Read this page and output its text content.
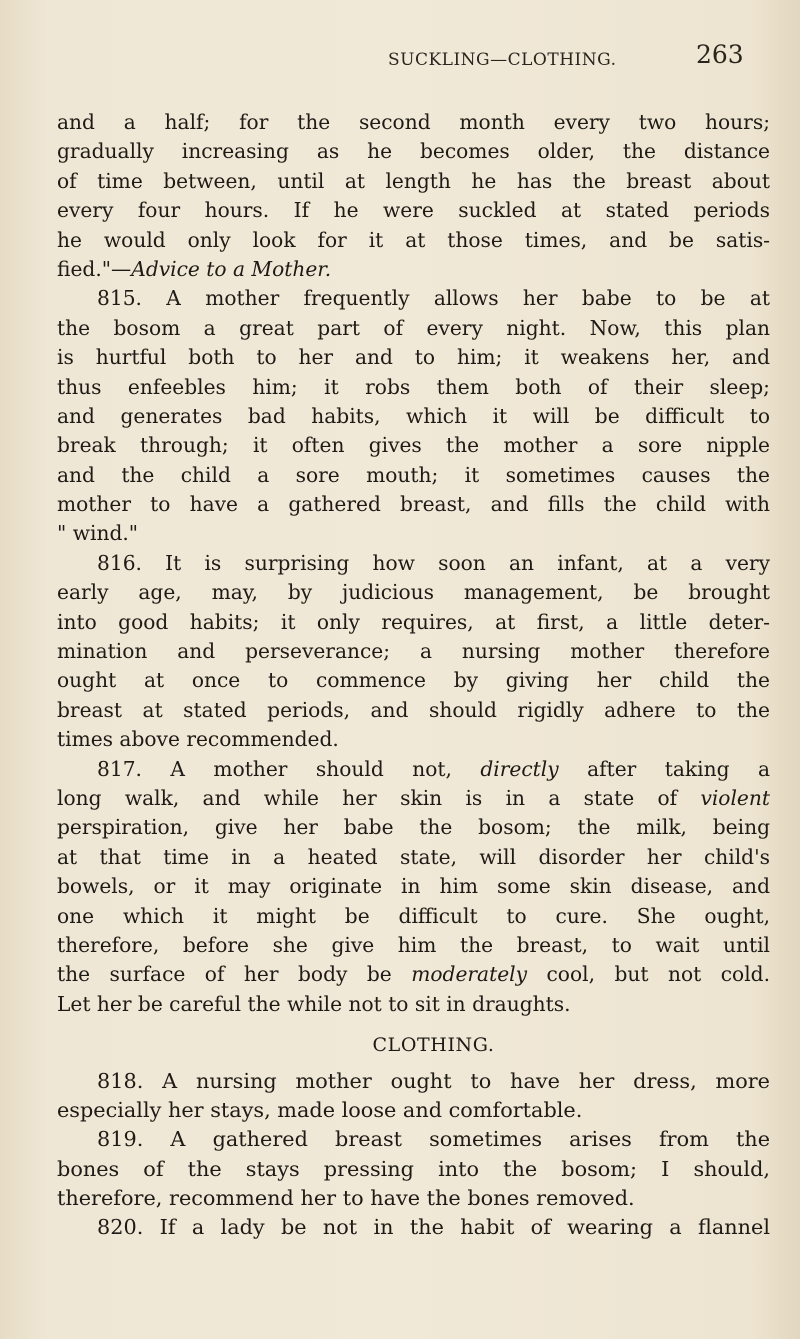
SUCKLING—CLOTHING.	263
and a half; for the second month every two hours;
gradually increasing as he becomes older, the distance
of time between, until at length he has the breast about
every four hours. If he were suckled at stated periods
he would only look for it at those times, and be satis-
fied."—Advice to a Mother.
815. A mother frequently allows her babe to be at
the bosom a great part of every night. Now, this plan
is hurtful both to her and to him; it weakens her, and
thus enfeebles him; it robs them both of their sleep;
and generates bad habits, which it will be difficult to
break through; it often gives the mother a sore nipple
and the child a sore mouth; it sometimes causes the
mother to have a gathered breast, and fills the child with
" wind."
816. It is surprising how soon an infant, at a very
early age, may, by judicious management, be brought
into good habits; it only requires, at first, a little deter-
mination and perseverance; a nursing mother therefore
ought at once to commence by giving her child the
breast at stated periods, and should rigidly adhere to the
times above recommended.
817. A mother should not, directly after taking a
long walk, and while her skin is in a state of violent
perspiration, give her babe the bosom; the milk, being
at that time in a heated state, will disorder her child's
bowels, or it may originate in him some skin disease, and
one which it might be difficult to cure. She ought,
therefore, before she give him the breast, to wait until
the surface of her body be moderately cool, but not cold.
Let her be careful the while not to sit in draughts.
CLOTHING.
818. A nursing mother ought to have her dress, more
especially her stays, made loose and comfortable.
819. A gathered breast sometimes arises from the
bones of the stays pressing into the bosom; I should,
therefore, recommend her to have the bones removed.
820. If a lady be not in the habit of wearing a flannel
